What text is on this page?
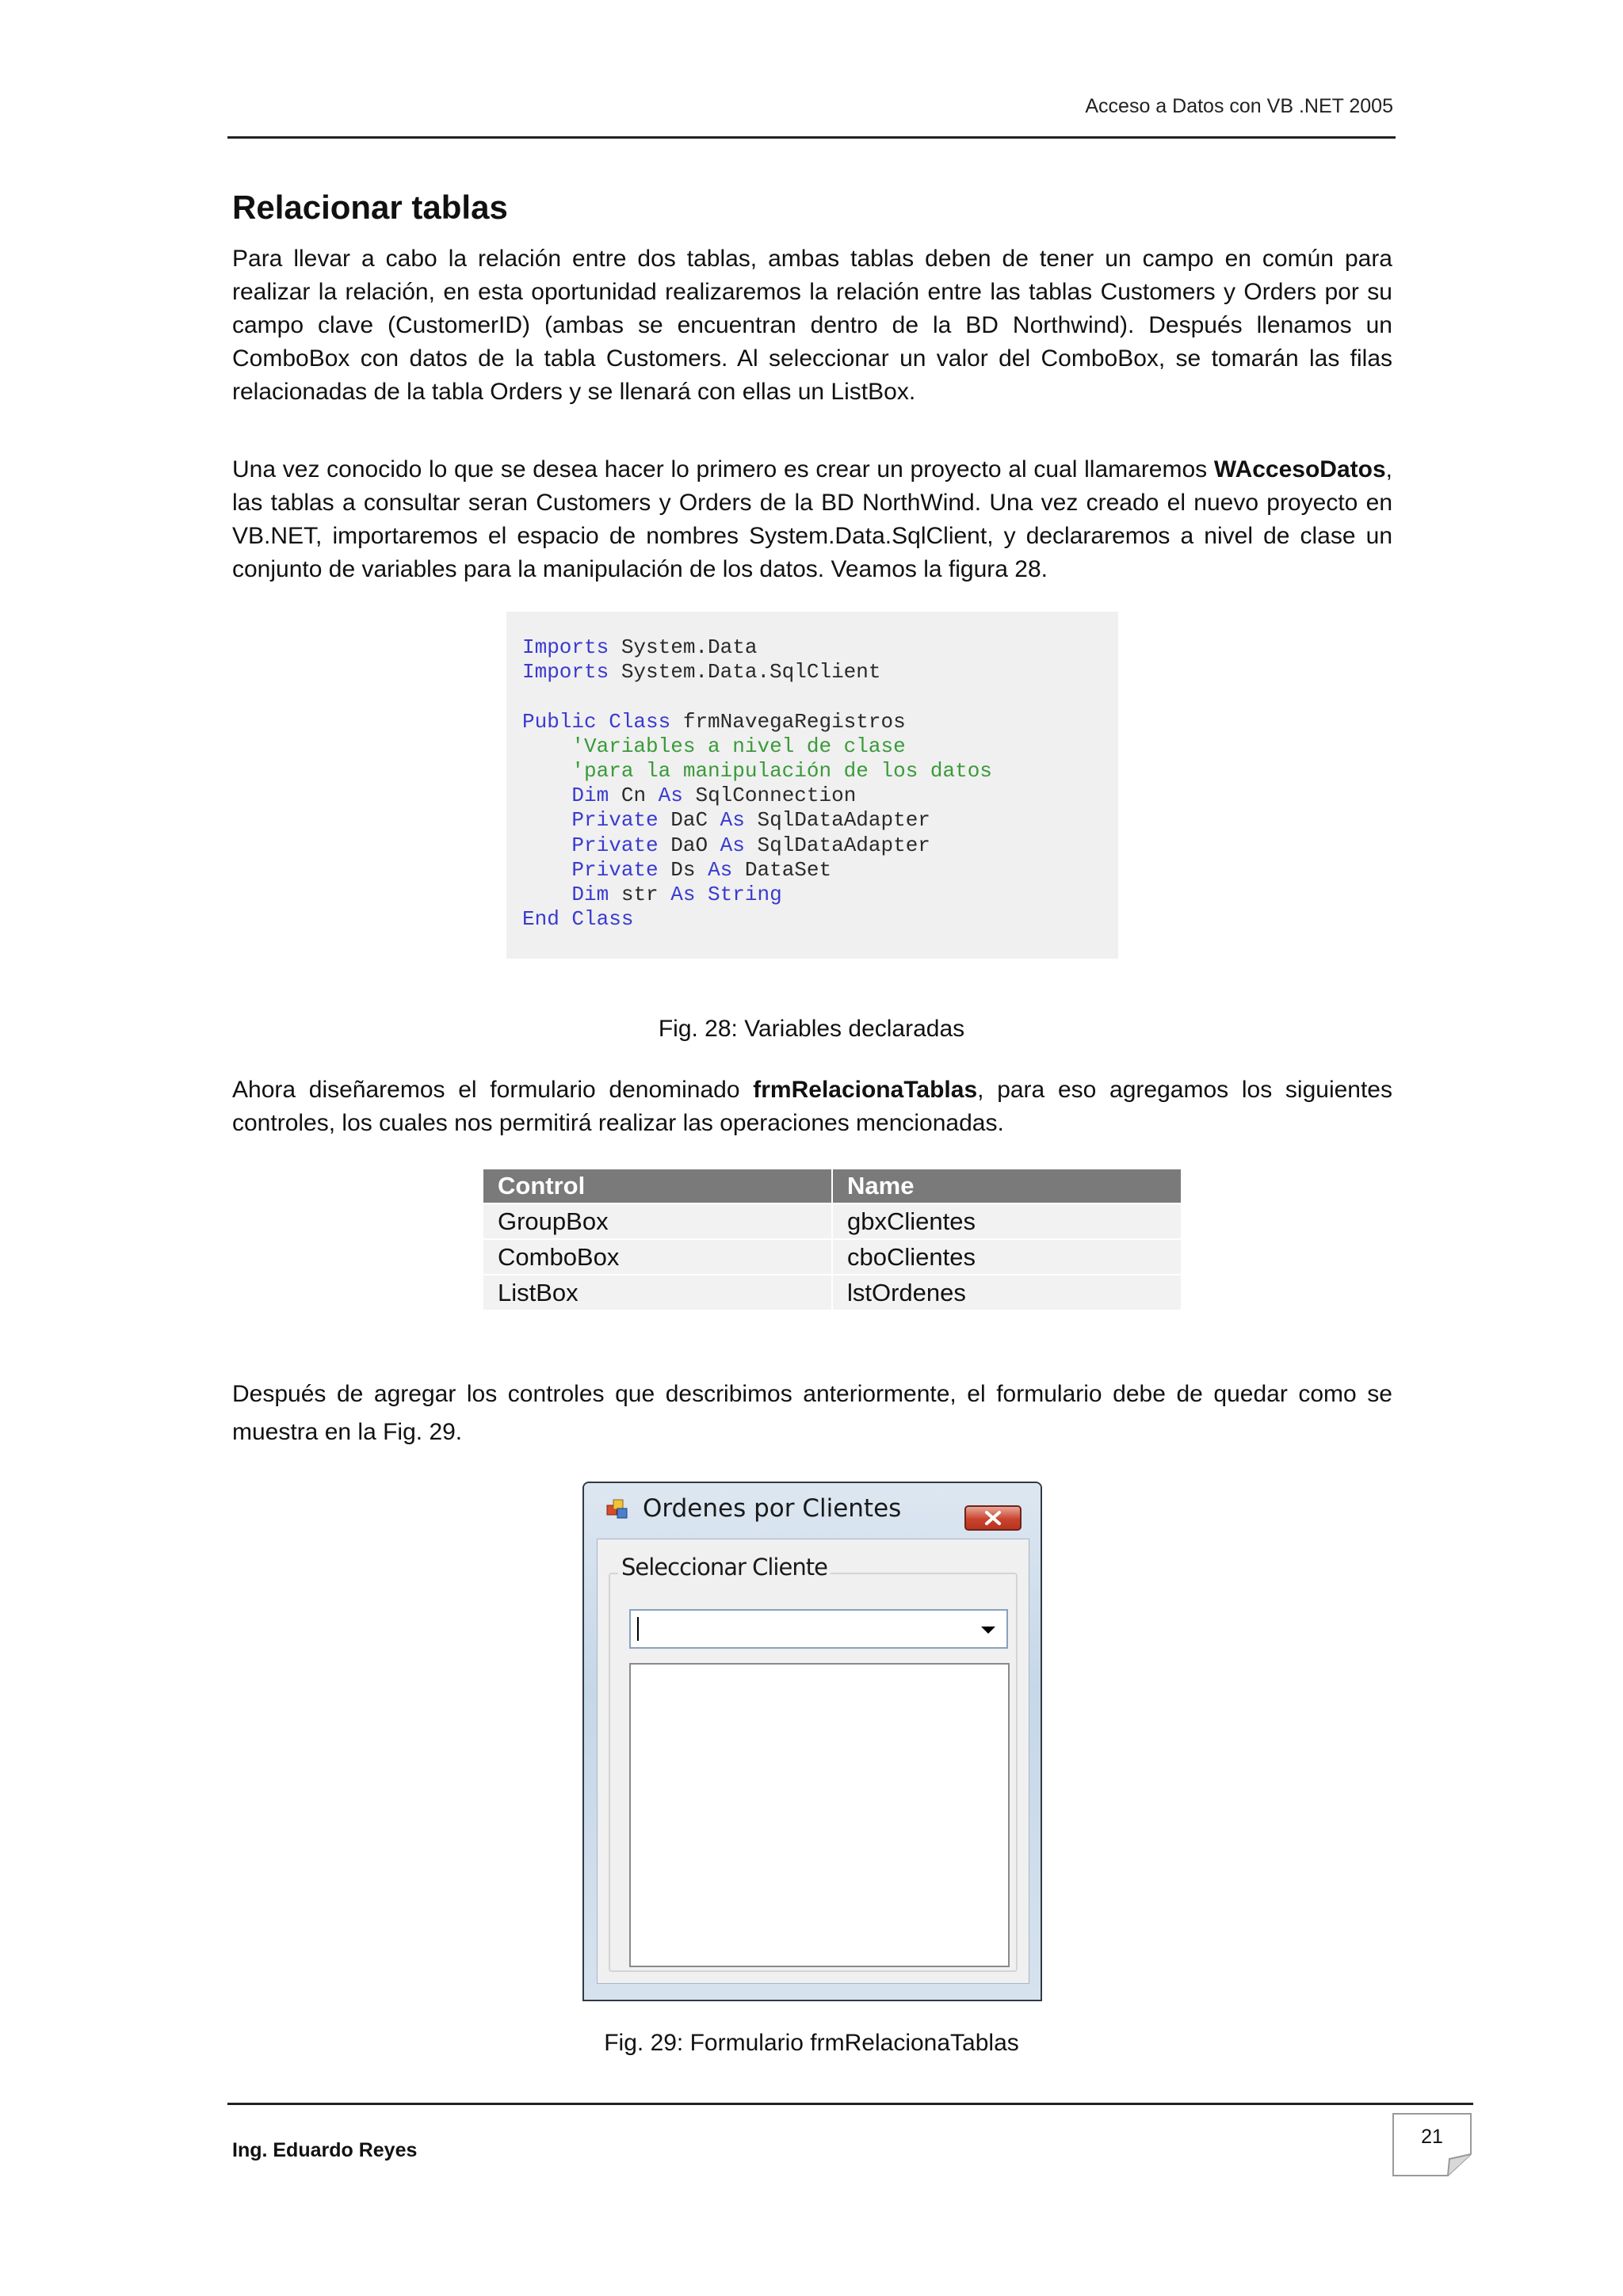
Acceso a Datos con VB .NET 2005
Relacionar tablas

Para llevar a cabo la relación entre dos tablas, ambas tablas deben de tener un campo en común para realizar la relación, en esta oportunidad realizaremos la relación entre las tablas Customers y Orders por su campo clave (CustomerID) (ambas se encuentran dentro de la BD Northwind). Después llenamos un ComboBox con datos de la tabla Customers. Al seleccionar un valor del ComboBox, se tomarán las filas relacionadas de la tabla Orders y se llenará con ellas un ListBox.

Una vez conocido lo que se desea hacer lo primero es crear un proyecto al cual llamaremos WAccesoDatos, las tablas a consultar seran Customers y Orders de la BD NorthWind. Una vez creado el nuevo proyecto en VB.NET, importaremos el espacio de nombres System.Data.SqlClient, y declararemos a nivel de clase un conjunto de variables para la manipulación de los datos. Veamos la figura 28.

Imports System.Data
Imports System.Data.SqlClient

Public Class frmNavegaRegistros
'Variables a nivel de clase
'para la manipulación de los datos
Dim Cn As SqlConnection
Private DaC As SqlDataAdapter
Private DaO As SqlDataAdapter
Private Ds As DataSet
Dim str As String
End Class
Fig. 28: Variables declaradas

Ahora diseñaremos el formulario denominado frmRelacionaTablas, para eso agregamos los siguientes controles, los cuales nos permitirá realizar las operaciones mencionadas.

Control	Name
GroupBox	gbxClientes
ComboBox	cboClientes
ListBox	lstOrdenes

Después de agregar los controles que describimos anteriormente, el formulario debe de quedar como se muestra en la Fig. 29.

Ordenes por Clientes
Seleccionar Cliente
Fig. 29: Formulario frmRelacionaTablas
Ing. Eduardo Reyes
21
